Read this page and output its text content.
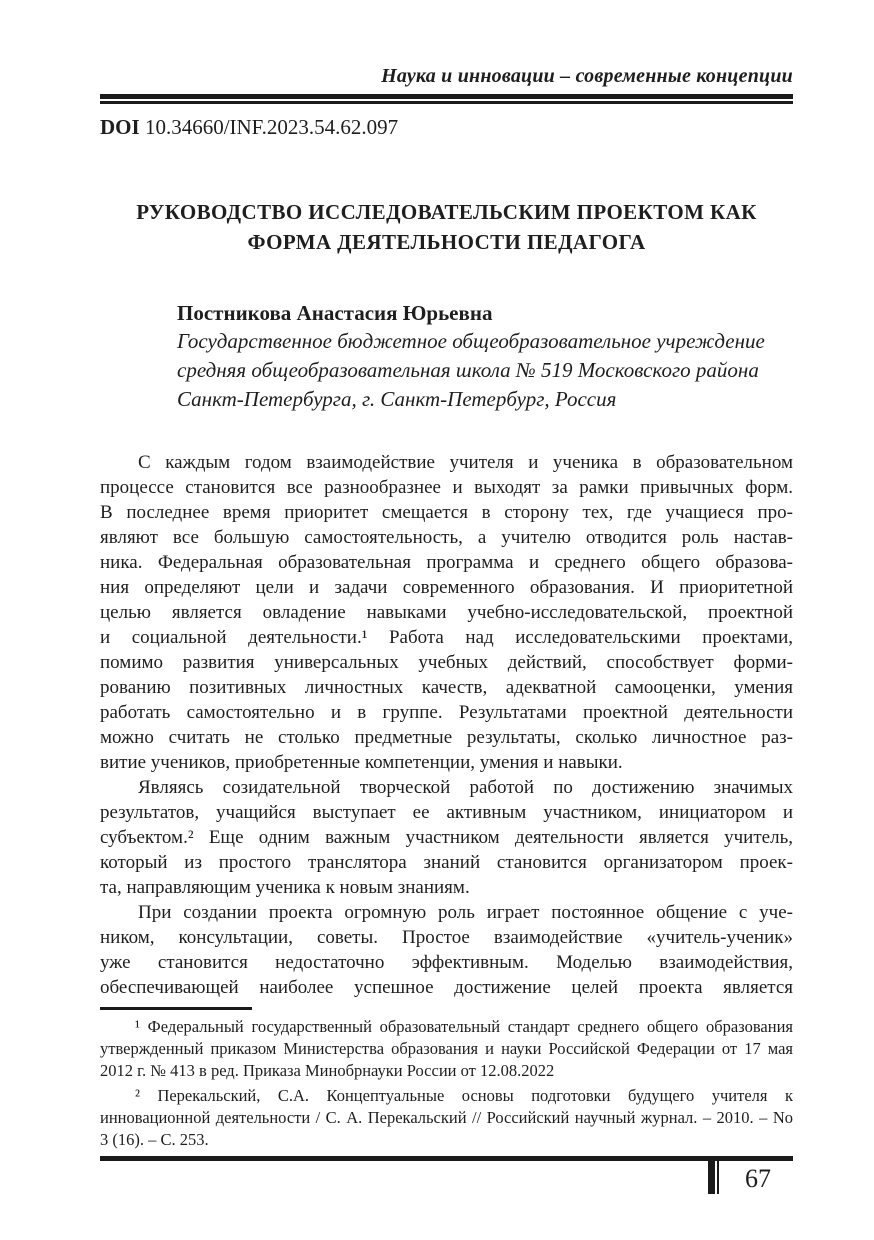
Наука и инновации – современные концепции
DOI 10.34660/INF.2023.54.62.097
РУКОВОДСТВО ИССЛЕДОВАТЕЛЬСКИМ ПРОЕКТОМ КАК
ФОРМА ДЕЯТЕЛЬНОСТИ ПЕДАГОГА
Постникова Анастасия Юрьевна
Государственное бюджетное общеобразовательное учреждение
средняя общеобразовательная школа № 519 Московского района
Санкт-Петербурга, г. Санкт-Петербург, Россия
С каждым годом взаимодействие учителя и ученика в образовательном
процессе становится все разнообразнее и выходят за рамки привычных форм.
В последнее время приоритет смещается в сторону тех, где учащиеся про-
являют все большую самостоятельность, а учителю отводится роль настав-
ника. Федеральная образовательная программа и среднего общего образова-
ния определяют цели и задачи современного образования. И приоритетной
целью является овладение навыками учебно-исследовательской, проектной
и социальной деятельности.¹ Работа над исследовательскими проектами,
помимо развития универсальных учебных действий, способствует форми-
рованию позитивных личностных качеств, адекватной самооценки, умения
работать самостоятельно и в группе. Результатами проектной деятельности
можно считать не столько предметные результаты, сколько личностное раз-
витие учеников, приобретенные компетенции, умения и навыки.
Являясь созидательной творческой работой по достижению значимых
результатов, учащийся выступает ее активным участником, инициатором и
субъектом.² Еще одним важным участником деятельности является учитель,
который из простого транслятора знаний становится организатором проек-
та, направляющим ученика к новым знаниям.
При создании проекта огромную роль играет постоянное общение с уче-
ником, консультации, советы. Простое взаимодействие «учитель-ученик»
уже становится недостаточно эффективным. Моделью взаимодействия,
обеспечивающей наиболее успешное достижение целей проекта является
¹ Федеральный государственный образовательный стандарт среднего общего образования
утвержденный приказом Министерства образования и науки Российской Федерации от 17 мая
2012 г. № 413 в ред. Приказа Минобрнауки России от 12.08.2022
² Перекальский, С.А. Концептуальные основы подготовки будущего учителя к
инновационной деятельности / С. А. Перекальский // Российский научный журнал. – 2010. – No
3 (16). – С. 253.
67
